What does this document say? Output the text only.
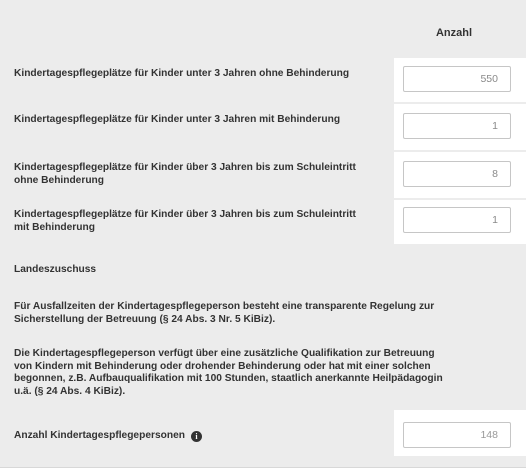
Anzahl
Kindertagespflegeplätze für Kinder unter 3 Jahren ohne Behinderung
550
Kindertagespflegeplätze für Kinder unter 3 Jahren mit Behinderung
1
Kindertagespflegeplätze für Kinder über 3 Jahren bis zum Schuleintritt ohne Behinderung
8
Kindertagespflegeplätze für Kinder über 3 Jahren bis zum Schuleintritt mit Behinderung
1
Landeszuschuss
Für Ausfallzeiten der Kindertagespflegeperson besteht eine transparente Regelung zur Sicherstellung der Betreuung (§ 24 Abs. 3 Nr. 5 KiBiz).
Die Kindertagespflegeperson verfügt über eine zusätzliche Qualifikation zur Betreuung von Kindern mit Behinderung oder drohender Behinderung oder hat mit einer solchen begonnen, z.B. Aufbauqualifikation mit 100 Stunden, staatlich anerkannte Heilpädagogin u.ä. (§ 24 Abs. 4 KiBiz).
Anzahl Kindertagespflegepersonen i
148
